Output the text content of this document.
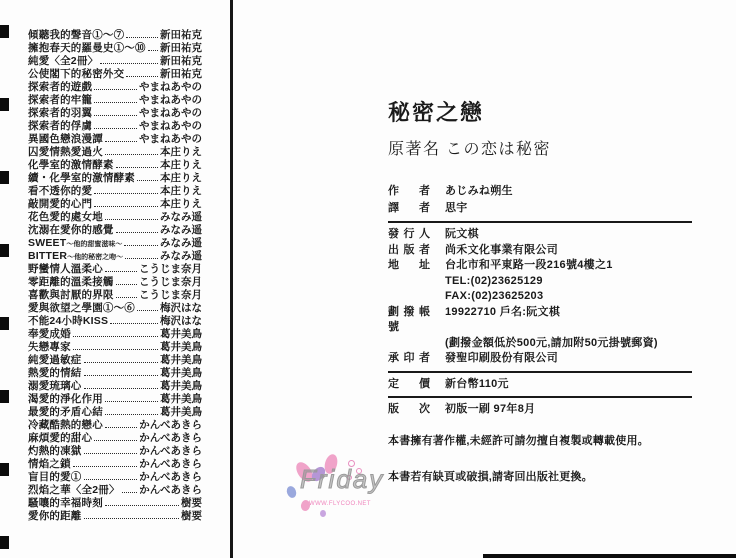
傾聽我的聲音①～⑦	新田祐克
擁抱春天的羅曼史①～⑩ 新田祐克
純愛〈全2冊〉	新田祐克
公使閣下的秘密外交	新田祐克
探索者的遊戲	やまねあやの
探索者的牢籠	やまねあやの
探索者的羽翼	やまねあやの
探索者的俘虜	やまねあやの
異國色戀浪漫譚	やまねあやの
囚愛情熱愛過火	本庄りえ
化學室的激情酵素	本庄りえ
續・化學室的激情酵素 本庄りえ
看不透你的愛	本庄りえ
敲開愛的心門	本庄りえ
花色愛的處女地	みなみ遥
沈溺在愛你的感覺	みなみ遥
SWEET ～他的甜蜜滋味～	みなみ遥
BITTER ～他的秘密之吻～	みなみ遥
野蠻情人溫柔心	こうじま奈月
零距離的溫柔接觸 こうじま奈月
喜歡與討厭的界限 こうじま奈月
愛與欲望之學園①～⑥ 梅沢はな
不能24小時KISS	梅沢はな
奉愛成婚	葛井美鳥
失戀專家	葛井美鳥
純愛過敏症	葛井美鳥
熱愛的情結	葛井美鳥
溺愛琉璃心	葛井美鳥
渴愛的淨化作用	葛井美鳥
最愛的矛盾心結	葛井美鳥
冷藏酷熱的戀心	かんべあきら
麻煩愛的甜心	かんべあきら
灼熱的凍獄	かんべあきら
情焰之鎖	かんべあきら
盲目的愛①	かんべあきら
烈焰之華〈全2冊〉 かんべあきら
騷嚷的幸福時刻	樹要
愛你的距離	樹要
秘密之戀
原著名 この恋は秘密
作者 あじみね朔生
譯者 思宇
發行人 阮文棋
出版者 尚禾文化事業有限公司
地址 台北市和平東路一段216號4樓之1
TEL:(02)23625129
FAX:(02)23625203
劃撥帳號
19922710 戶名:阮文棋
(劃撥金額低於500元,請加附50元掛號郵資)
承印者 發聖印刷股份有限公司
定價 新台幣110元
版次 初版一刷 97年8月
本書擁有著作權,未經許可請勿擅自複製或轉載使用。
本書若有缺頁或破損,請寄回出版社更換。
Friday
WWW.FLYCOO.NET
